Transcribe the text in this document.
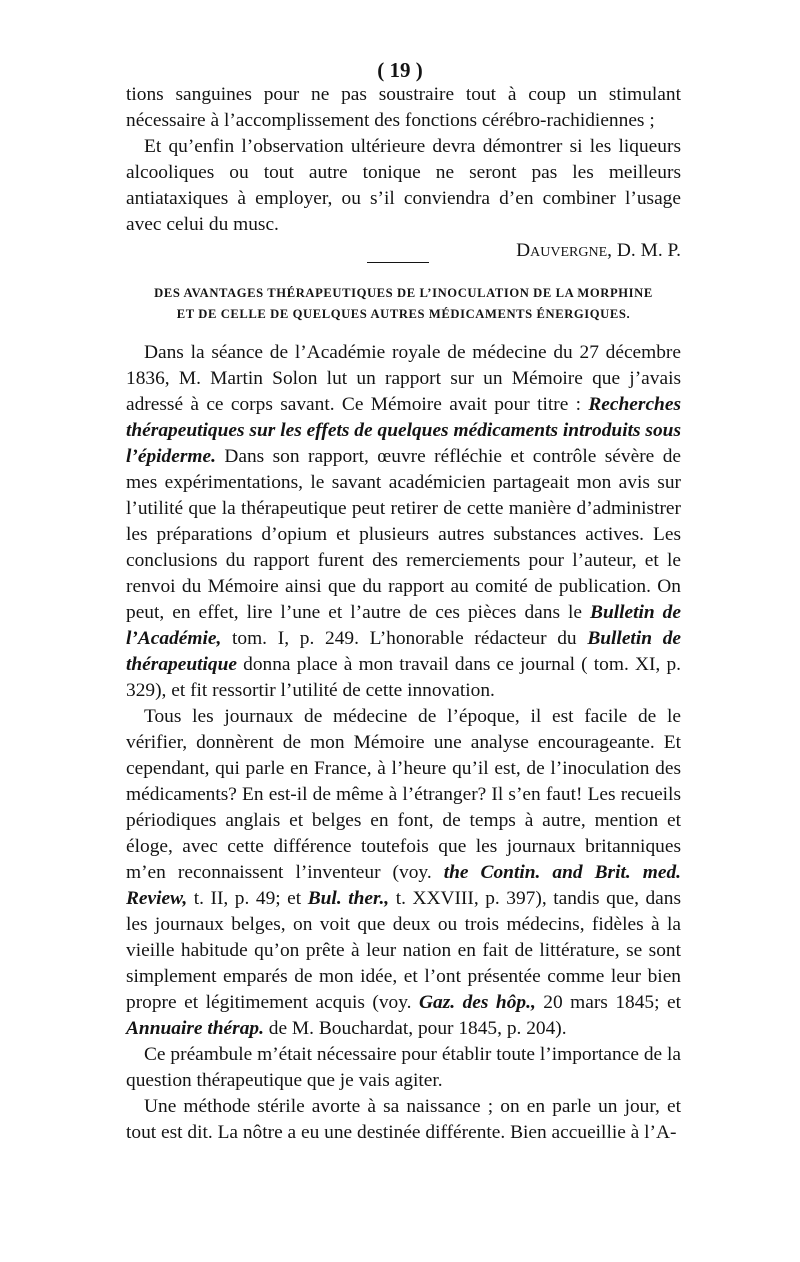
( 19 )

tions sanguines pour ne pas soustraire tout à coup un stimulant nécessaire à l’accomplissement des fonctions cérébro-rachidiennes ;

Et qu’enfin l’observation ultérieure devra démontrer si les liqueurs alcooliques ou tout autre tonique ne seront pas les meilleurs antiataxiques à employer, ou s’il conviendra d’en combiner l’usage avec celui du musc.

Dauvergne, D. M. P.

DES AVANTAGES THÉRAPEUTIQUES DE L’INOCULATION DE LA MORPHINE
ET DE CELLE DE QUELQUES AUTRES MÉDICAMENTS ÉNERGIQUES.

Dans la séance de l’Académie royale de médecine du 27 décembre 1836, M. Martin Solon lut un rapport sur un Mémoire que j’avais adressé à ce corps savant. Ce Mémoire avait pour titre : Recherches thérapeutiques sur les effets de quelques médicaments introduits sous l’épiderme. Dans son rapport, œuvre réfléchie et contrôle sévère de mes expérimentations, le savant académicien partageait mon avis sur l’utilité que la thérapeutique peut retirer de cette manière d’administrer les préparations d’opium et plusieurs autres substances actives. Les conclusions du rapport furent des remerciements pour l’auteur, et le renvoi du Mémoire ainsi que du rapport au comité de publication. On peut, en effet, lire l’une et l’autre de ces pièces dans le Bulletin de l’Académie, tom. I, p. 249. L’honorable rédacteur du Bulletin de thérapeutique donna place à mon travail dans ce journal ( tom. XI, p. 329), et fit ressortir l’utilité de cette innovation.

Tous les journaux de médecine de l’époque, il est facile de le vérifier, donnèrent de mon Mémoire une analyse encourageante. Et cependant, qui parle en France, à l’heure qu’il est, de l’inoculation des médicaments? En est-il de même à l’étranger? Il s’en faut! Les recueils périodiques anglais et belges en font, de temps à autre, mention et éloge, avec cette différence toutefois que les journaux britanniques m’en reconnaissent l’inventeur (voy. the Contin. and Brit. med. Review, t. II, p. 49; et Bul. ther., t. XXVIII, p. 397), tandis que, dans les journaux belges, on voit que deux ou trois médecins, fidèles à la vieille habitude qu’on prête à leur nation en fait de littérature, se sont simplement emparés de mon idée, et l’ont présentée comme leur bien propre et légitimement acquis (voy. Gaz. des hôp., 20 mars 1845; et Annuaire thérap. de M. Bouchardat, pour 1845, p. 204).

Ce préambule m’était nécessaire pour établir toute l’importance de la question thérapeutique que je vais agiter.

Une méthode stérile avorte à sa naissance ; on en parle un jour, et tout est dit. La nôtre a eu une destinée différente. Bien accueillie à l’A-
